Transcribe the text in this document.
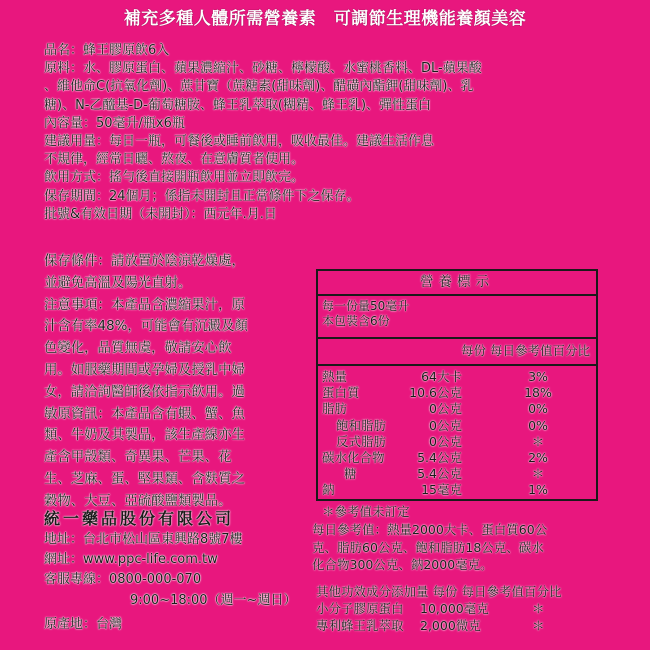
補充多種人體所需營養素　可調節生理機能養顏美容
品名：蜂王膠原飲6入
原料：水、膠原蛋白、蘋果濃縮汁、砂糖、檸檬酸、水蜜桃香料、DL-蘋果酸
、維他命C(抗氧化劑)、蔗甘寶（蔗糖素(甜味劑)、醋磺內酯鉀(甜味劑)、乳
糖)、N-乙醯基-D-葡萄糖胺、蜂王乳萃取(糊精、蜂王乳)、彈性蛋白
內容量：50毫升/瓶x6瓶
建議用量：每日一瓶，可餐後或睡前飲用，吸收最佳。建議生活作息
不規律，經常日曬、熬夜、在意膚質者使用。
飲用方式：搖勻後直接開瓶飲用並立即飲完。
保存期間：24個月；係指未開封且正常條件下之保存。
批號&有效日期（未開封）：西元年.月.日
保存條件：請放置於陰涼乾燥處，
並避免高溫及陽光直射。
注意事項：本產品含濃縮果汁，原
汁含有率48%，可能會有沉澱及顏
色變化，品質無虞，敬請安心飲
用。如服藥期間或孕婦及授乳中婦
女，請洽詢醫師後依指示飲用。過
敏原資訊：本產品含有蝦、蟹、魚
類、牛奶及其製品，該生產線亦生
產含甲殼類、奇異果、芒果、花
生、芝麻、蛋、堅果類、含麩質之
穀物、大豆、亞硫酸鹽類製品。
營養標示
每一份量50毫升
本包裝含6份
每份 每日參考值百分比
熱量	64大卡	3%
蛋白質	10.6公克	18%
脂肪	0公克	0%
飽和脂肪	0公克	0%
反式脂肪	0公克	＊
碳水化合物	5.4公克	2%
糖	5.4公克	＊
鈉	15毫克	1%
統一藥品股份有限公司
地址：台北市松山區東興路8號7樓
網址：www.ppc-life.com.tw
客服專線：0800-000-070
9:00~18:00（週一~週日）
原產地：台灣
＊參考值未訂定
每日參考值：熱量2000大卡、蛋白質60公
克、脂肪60公克、飽和脂肪18公克、碳水
化合物300公克、鈉2000毫克。
其他功效成分添加量 每份 每日參考值百分比
小分子膠原蛋白 10,000毫克	＊
專利蜂王乳萃取 2,000微克	＊
